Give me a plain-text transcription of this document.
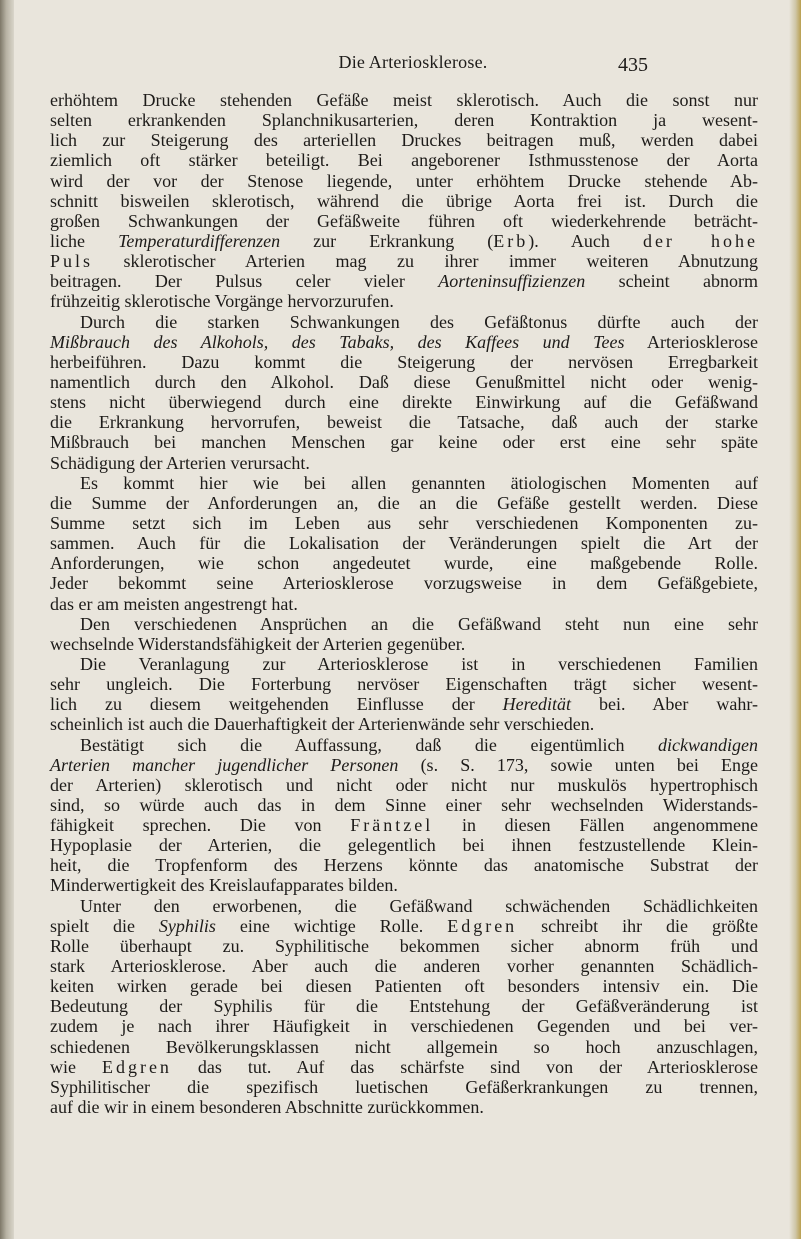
Die Arteriosklerose.	435
erhöhtem Drucke stehenden Gefäße meist sklerotisch. Auch die sonst nur
selten erkrankenden Splanchnikusarterien, deren Kontraktion ja wesent-
lich zur Steigerung des arteriellen Druckes beitragen muß, werden dabei
ziemlich oft stärker beteiligt. Bei angeborener Isthmusstenose der Aorta
wird der vor der Stenose liegende, unter erhöhtem Drucke stehende Ab-
schnitt bisweilen sklerotisch, während die übrige Aorta frei ist. Durch die
großen Schwankungen der Gefäßweite führen oft wiederkehrende beträcht-
liche Temperaturdifferenzen zur Erkrankung (Erb). Auch der hohe
Puls sklerotischer Arterien mag zu ihrer immer weiteren Abnutzung
beitragen. Der Pulsus celer vieler Aorteninsuffizienzen scheint abnorm
frühzeitig sklerotische Vorgänge hervorzurufen.
Durch die starken Schwankungen des Gefäßtonus dürfte auch der
Mißbrauch des Alkohols, des Tabaks, des Kaffees und Tees Arteriosklerose
herbeiführen. Dazu kommt die Steigerung der nervösen Erregbarkeit
namentlich durch den Alkohol. Daß diese Genußmittel nicht oder wenig-
stens nicht überwiegend durch eine direkte Einwirkung auf die Gefäßwand
die Erkrankung hervorrufen, beweist die Tatsache, daß auch der starke
Mißbrauch bei manchen Menschen gar keine oder erst eine sehr späte
Schädigung der Arterien verursacht.
Es kommt hier wie bei allen genannten ätiologischen Momenten auf
die Summe der Anforderungen an, die an die Gefäße gestellt werden. Diese
Summe setzt sich im Leben aus sehr verschiedenen Komponenten zu-
sammen. Auch für die Lokalisation der Veränderungen spielt die Art der
Anforderungen, wie schon angedeutet wurde, eine maßgebende Rolle.
Jeder bekommt seine Arteriosklerose vorzugsweise in dem Gefäßgebiete,
das er am meisten angestrengt hat.
Den verschiedenen Ansprüchen an die Gefäßwand steht nun eine sehr
wechselnde Widerstandsfähigkeit der Arterien gegenüber.
Die Veranlagung zur Arteriosklerose ist in verschiedenen Familien
sehr ungleich. Die Forterbung nervöser Eigenschaften trägt sicher wesent-
lich zu diesem weitgehenden Einflusse der Heredität bei. Aber wahr-
scheinlich ist auch die Dauerhaftigkeit der Arterienwände sehr verschieden.
Bestätigt sich die Auffassung, daß die eigentümlich dickwandigen
Arterien mancher jugendlicher Personen (s. S. 173, sowie unten bei Enge
der Arterien) sklerotisch und nicht oder nicht nur muskulös hypertrophisch
sind, so würde auch das in dem Sinne einer sehr wechselnden Widerstands-
fähigkeit sprechen. Die von Fräntzel in diesen Fällen angenommene
Hypoplasie der Arterien, die gelegentlich bei ihnen festzustellende Klein-
heit, die Tropfenform des Herzens könnte das anatomische Substrat der
Minderwertigkeit des Kreislaufapparates bilden.
Unter den erworbenen, die Gefäßwand schwächenden Schädlichkeiten
spielt die Syphilis eine wichtige Rolle. Edgren schreibt ihr die größte
Rolle überhaupt zu. Syphilitische bekommen sicher abnorm früh und
stark Arteriosklerose. Aber auch die anderen vorher genannten Schädlich-
keiten wirken gerade bei diesen Patienten oft besonders intensiv ein. Die
Bedeutung der Syphilis für die Entstehung der Gefäßveränderung ist
zudem je nach ihrer Häufigkeit in verschiedenen Gegenden und bei ver-
schiedenen Bevölkerungsklassen nicht allgemein so hoch anzuschlagen,
wie Edgren das tut. Auf das schärfste sind von der Arteriosklerose
Syphilitischer die spezifisch luetischen Gefäßerkrankungen zu trennen,
auf die wir in einem besonderen Abschnitte zurückkommen.
